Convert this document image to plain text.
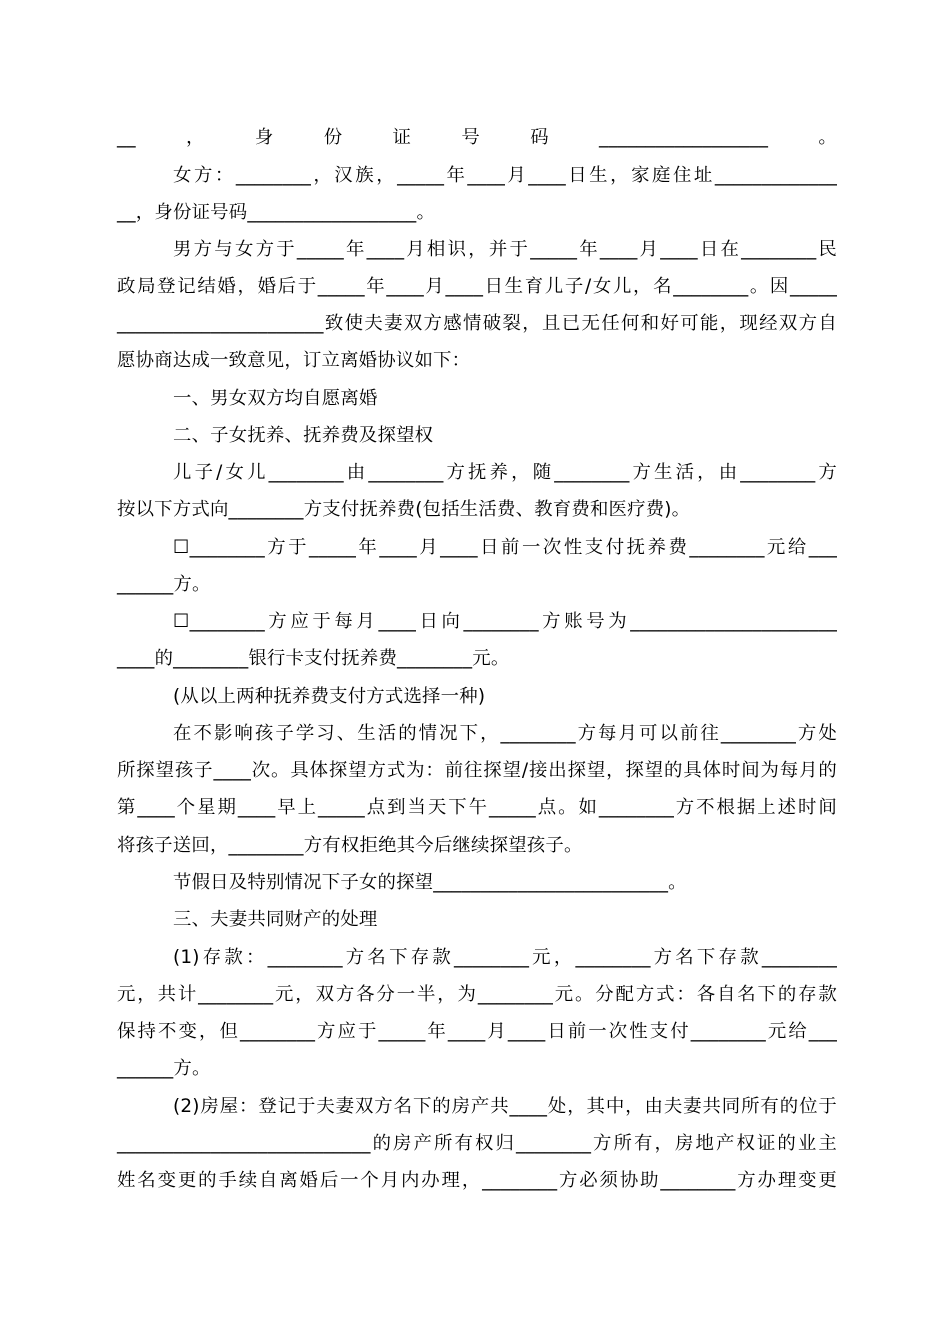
__，身份证号码__________________。
女方：________，汉族，_____年____月____日生，家庭住址_____________
__，身份证号码__________________。
男方与女方于_____年____月相识，并于_____年____月____日在________民
政局登记结婚，婚后于_____年____月____日生育儿子/女儿，名________。因_____
______________________致使夫妻双方感情破裂，且已无任何和好可能，现经双方自
愿协商达成一致意见，订立离婚协议如下：
一、男女双方均自愿离婚
二、子女抚养、抚养费及探望权
儿子/女儿________由________方抚养，随________方生活，由________方
按以下方式向________方支付抚养费(包括生活费、教育费和医疗费)。
☐________方于_____年____月____日前一次性支付抚养费________元给___
______方。
☐________方应于每月____日向________方账号为______________________
____的________银行卡支付抚养费________元。
(从以上两种抚养费支付方式选择一种)
在不影响孩子学习、生活的情况下，________方每月可以前往________方处
所探望孩子____次。具体探望方式为：前往探望/接出探望，探望的具体时间为每月的
第____个星期____早上_____点到当天下午_____点。如________方不根据上述时间
将孩子送回，________方有权拒绝其今后继续探望孩子。
节假日及特别情况下子女的探望_________________________。
三、夫妻共同财产的处理
(1)存款：________方名下存款________元，________方名下存款________
元，共计________元，双方各分一半，为________元。分配方式：各自名下的存款
保持不变，但________方应于_____年____月____日前一次性支付________元给___
______方。
(2)房屋：登记于夫妻双方名下的房产共____处，其中，由夫妻共同所有的位于
___________________________的房产所有权归________方所有，房地产权证的业主
姓名变更的手续自离婚后一个月内办理，________方必须协助________方办理变更
